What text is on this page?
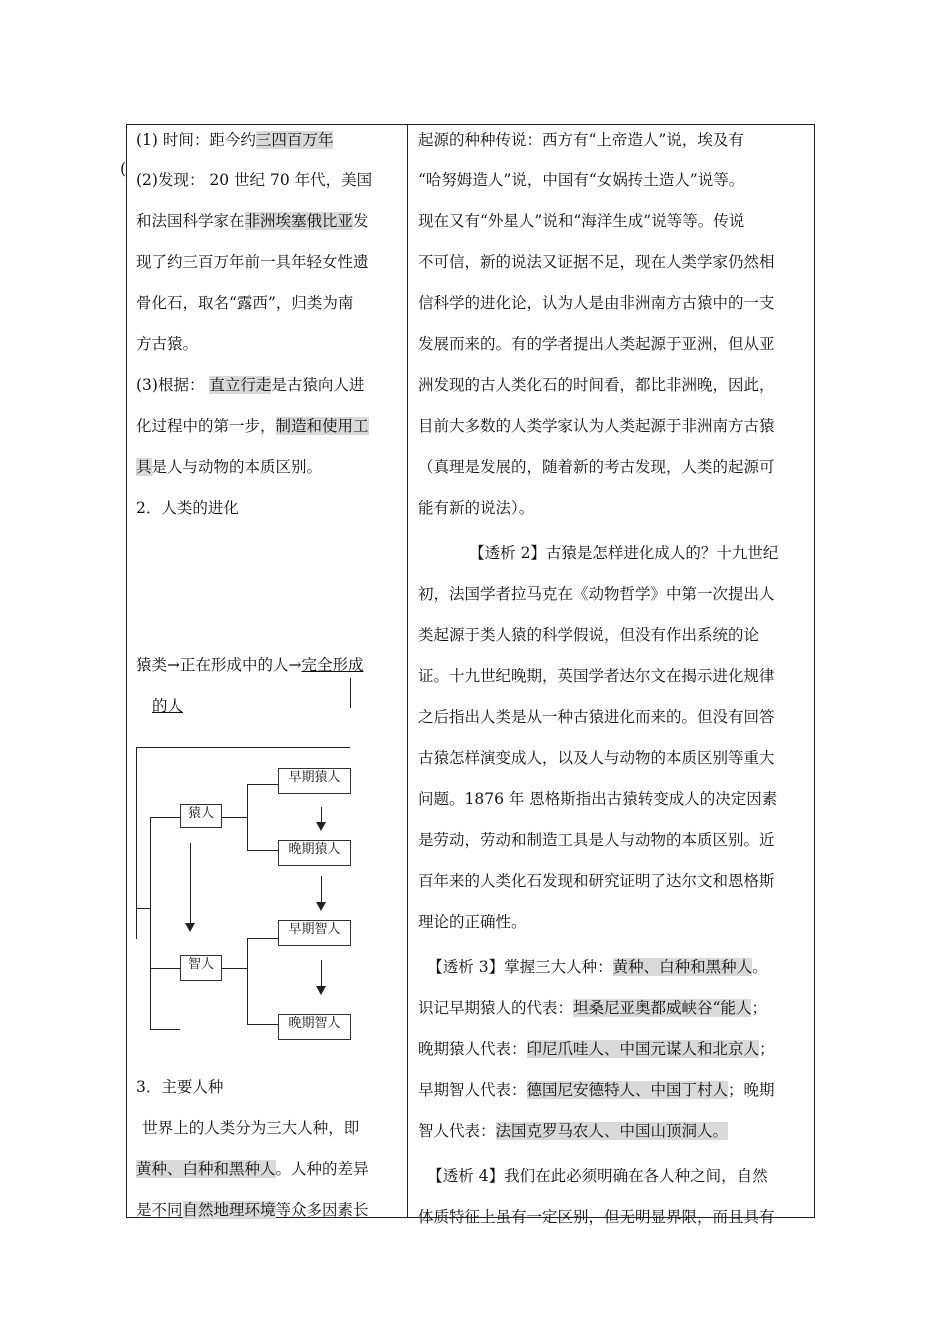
(

(1) 时间：距今约三四百万年

(2)发现： 20 世纪 70 年代，美国

和法国科学家在非洲埃塞俄比亚发

现了约三百万年前一具年轻女性遗

骨化石，取名“露西”，归类为南

方古猿。

(3)根据： 直立行走是古猿向人进

化过程中的第一步，制造和使用工

具是人与动物的本质区别。

2．人类的进化

猿类→正在形成中的人→完全形成
的人
猿人
早期猿人
晚期猿人
早期智人
智人
晚期智人

3．主要人种

世界上的人类分为三大人种，即

黄种、白种和黑种人。人种的差异

是不同自然地理环境等众多因素长

起源的种种传说：西方有“上帝造人”说，埃及有

“哈努姆造人”说，中国有“女娲抟土造人”说等。

现在又有“外星人”说和“海洋生成”说等等。传说

不可信，新的说法又证据不足，现在人类学家仍然相

信科学的进化论，认为人是由非洲南方古猿中的一支

发展而来的。有的学者提出人类起源于亚洲，但从亚

洲发现的古人类化石的时间看，都比非洲晚，因此，

目前大多数的人类学家认为人类起源于非洲南方古猿

（真理是发展的，随着新的考古发现，人类的起源可

能有新的说法）。

【透析 2】古猿是怎样进化成人的？十九世纪

初，法国学者拉马克在《动物哲学》中第一次提出人

类起源于类人猿的科学假说，但没有作出系统的论

证。十九世纪晚期，英国学者达尔文在揭示进化规律

之后指出人类是从一种古猿进化而来的。但没有回答

古猿怎样演变成人，以及人与动物的本质区别等重大

问题。1876 年 恩格斯指出古猿转变成人的决定因素

是劳动，劳动和制造工具是人与动物的本质区别。近

百年来的人类化石发现和研究证明了达尔文和恩格斯

理论的正确性。

【透析 3】掌握三大人种：黄种、白种和黑种人。

识记早期猿人的代表：坦桑尼亚奥都威峡谷“能人；

晚期猿人代表：印尼爪哇人、中国元谋人和北京人；

早期智人代表：德国尼安德特人、中国丁村人；晚期

智人代表：法国克罗马农人、中国山顶洞人。

【透析 4】我们在此必须明确在各人种之间，自然

体质特征上虽有一定区别，但无明显界限，而且具有
